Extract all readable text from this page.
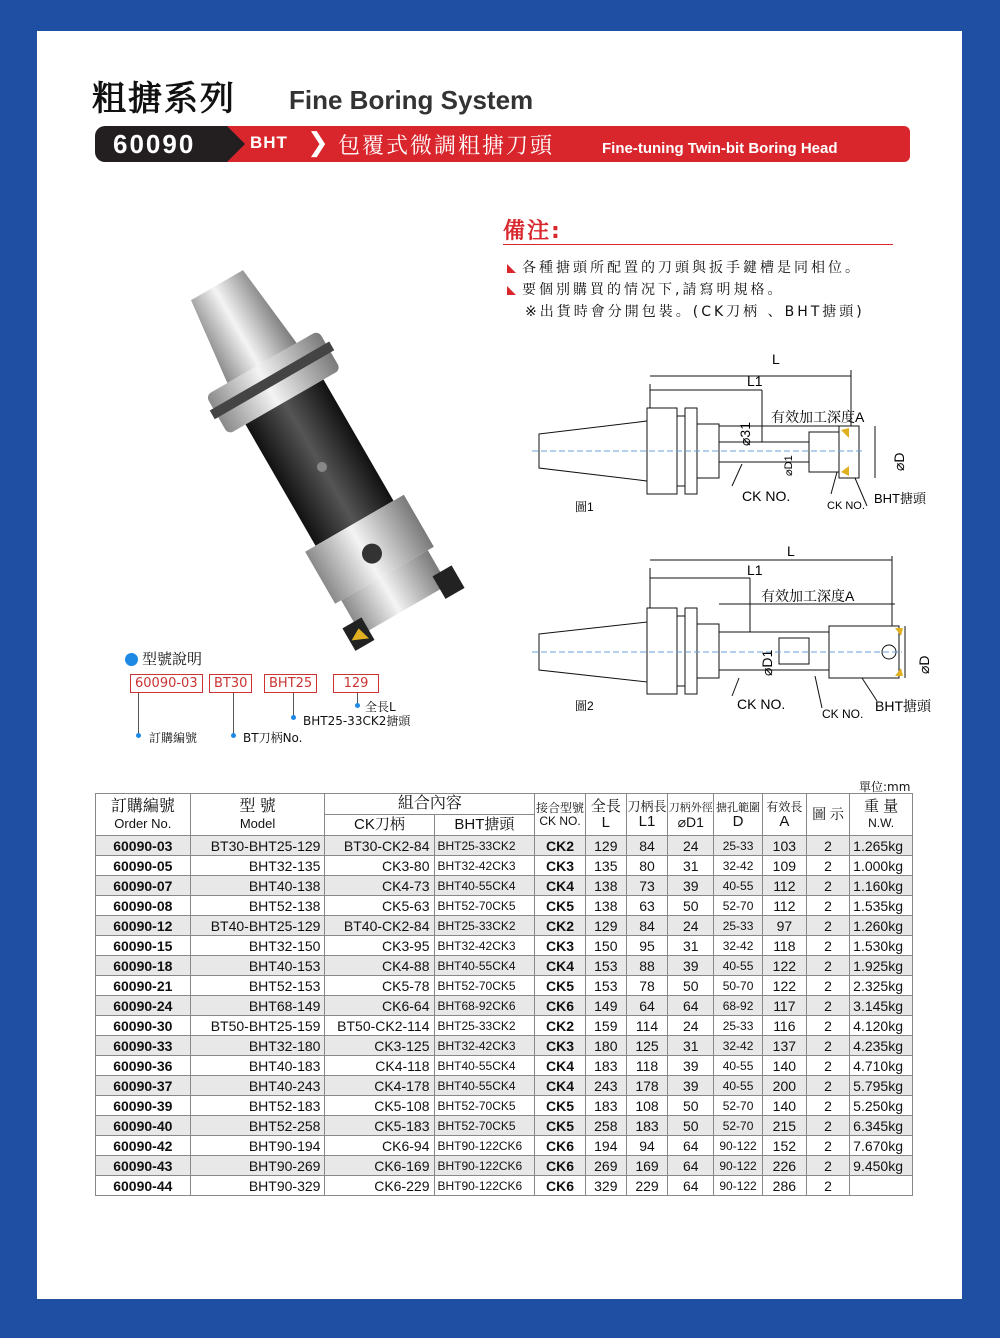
粗搪系列 Fine Boring System
60090	BHT ❯ 包覆式微調粗搪刀頭	Fine-tuning Twin-bit Boring Head
備注:
各種搪頭所配置的刀頭與扳手鍵槽是同相位。
要個別購買的情况下,請寫明規格。
※出貨時會分開包裝。(CK刀柄 、BHT搪頭)
L
L1
有效加工深度A
⌀31
⌀D1	⌀D
CK NO.
CK NO. BHT搪頭
圖1
L
L1
有效加工深度A
⌀D1	⌀D
CK NO.
CK NO. BHT搪頭
圖2
型號說明
60090-03	BT30	BHT25	129
全長L
BHT25-33CK2搪頭
訂購編號	BT刀柄No.
單位:mm
訂購編號
Order No.	型 號
Model	組合內容		接合型號
CK NO.	全長
L	刀柄長
L1	刀柄外徑
⌀D1	搪孔範圍
D	有效長
A	圖 示	重 量
N.W.
		CK刀柄	BHT搪頭								
60090-03	BT30-BHT25-129	BT30-CK2-84	BHT25-33CK2	CK2	129	84	24	25-33	103	2	1.265kg
60090-05	BHT32-135	CK3-80	BHT32-42CK3	CK3	135	80	31	32-42	109	2	1.000kg
60090-07	BHT40-138	CK4-73	BHT40-55CK4	CK4	138	73	39	40-55	112	2	1.160kg
60090-08	BHT52-138	CK5-63	BHT52-70CK5	CK5	138	63	50	52-70	112	2	1.535kg
60090-12	BT40-BHT25-129	BT40-CK2-84	BHT25-33CK2	CK2	129	84	24	25-33	97	2	1.260kg
60090-15	BHT32-150	CK3-95	BHT32-42CK3	CK3	150	95	31	32-42	118	2	1.530kg
60090-18	BHT40-153	CK4-88	BHT40-55CK4	CK4	153	88	39	40-55	122	2	1.925kg
60090-21	BHT52-153	CK5-78	BHT52-70CK5	CK5	153	78	50	50-70	122	2	2.325kg
60090-24	BHT68-149	CK6-64	BHT68-92CK6	CK6	149	64	64	68-92	117	2	3.145kg
60090-30	BT50-BHT25-159	BT50-CK2-114	BHT25-33CK2	CK2	159	114	24	25-33	116	2	4.120kg
60090-33	BHT32-180	CK3-125	BHT32-42CK3	CK3	180	125	31	32-42	137	2	4.235kg
60090-36	BHT40-183	CK4-118	BHT40-55CK4	CK4	183	118	39	40-55	140	2	4.710kg
60090-37	BHT40-243	CK4-178	BHT40-55CK4	CK4	243	178	39	40-55	200	2	5.795kg
60090-39	BHT52-183	CK5-108	BHT52-70CK5	CK5	183	108	50	52-70	140	2	5.250kg
60090-40	BHT52-258	CK5-183	BHT52-70CK5	CK5	258	183	50	52-70	215	2	6.345kg
60090-42	BHT90-194	CK6-94	BHT90-122CK6	CK6	194	94	64	90-122	152	2	7.670kg
60090-43	BHT90-269	CK6-169	BHT90-122CK6	CK6	269	169	64	90-122	226	2	9.450kg
60090-44	BHT90-329	CK6-229	BHT90-122CK6	CK6	329	229	64	90-122	286	2	
